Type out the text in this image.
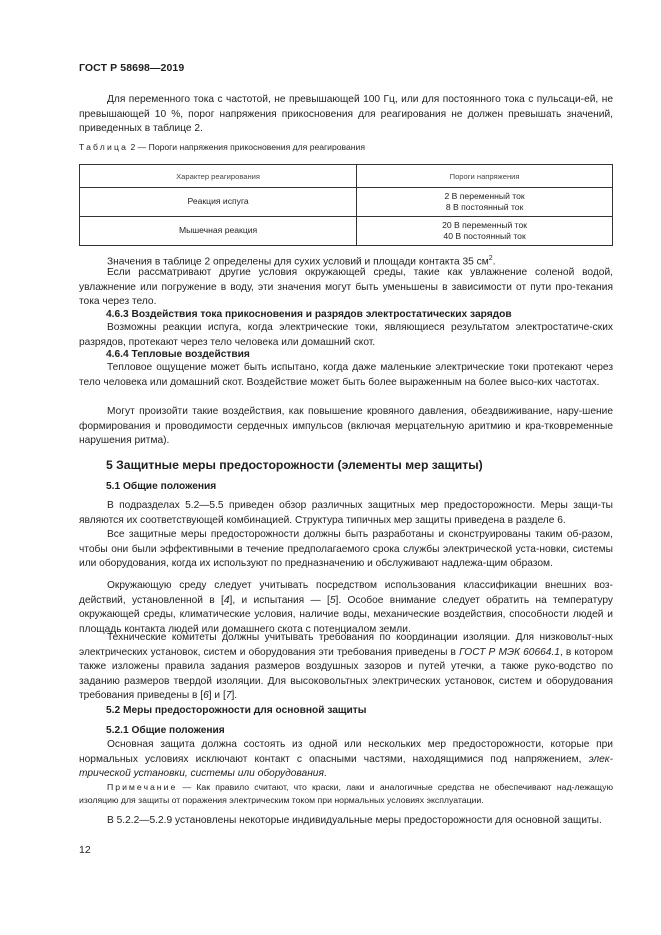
ГОСТ Р 58698—2019

Для переменного тока с частотой, не превышающей 100 Гц, или для постоянного тока с пульсаци-ей, не превышающей 10 %, порог напряжения прикосновения для реагирования не должен превышать значений, приведенных в таблице 2.

Таблица 2 — Пороги напряжения прикосновения для реагирования
Характер реагирования	Пороги напряжения
Реакция испуга	2 В переменный ток
8 В постоянный ток

Мышечная реакция	20 В переменный ток
40 В постоянный ток

Значения в таблице 2 определены для сухих условий и площади контакта 35 $см^2$.

Если рассматривают другие условия окружающей среды, такие как увлажнение соленой водой, увлажнение или погружение в воду, эти значения могут быть уменьшены в зависимости от пути про-текания тока через тело.

4.6.3 Воздействия тока прикосновения и разрядов электростатических зарядов

Возможны реакции испуга, когда электрические токи, являющиеся результатом электростатиче-ских разрядов, протекают через тело человека или домашний скот.

4.6.4 Тепловые воздействия

Тепловое ощущение может быть испытано, когда даже маленькие электрические токи протекают через тело человека или домашний скот. Воздействие может быть более выраженным на более высо-ких частотах.

Могут произойти такие воздействия, как повышение кровяного давления, обездвиживание, нару-шение формирования и проводимости сердечных импульсов (включая мерцательную аритмию и кра-тковременные нарушения ритма).

5 Защитные меры предосторожности (элементы мер защиты)
5.1 Общие положения

В подразделах 5.2—5.5 приведен обзор различных защитных мер предосторожности. Меры защи-ты являются их соответствующей комбинацией. Структура типичных мер защиты приведена в разделе 6.

Все защитные меры предосторожности должны быть разработаны и сконструированы таким об-разом, чтобы они были эффективными в течение предполагаемого срока службы электрической уста-новки, системы или оборудования, когда их используют по предназначению и обслуживают надлежа-щим образом.

Окружающую среду следует учитывать посредством использования классификации внешних воз-действий, установленной в [4], и испытания — [5]. Особое внимание следует обратить на температуру окружающей среды, климатические условия, наличие воды, механические воздействия, способности людей и площадь контакта людей или домашнего скота с потенциалом земли.

Технические комитеты должны учитывать требования по координации изоляции. Для низковольт-ных электрических установок, систем и оборудования эти требования приведены в ГОСТ Р МЭК 60664.1, в котором также изложены правила задания размеров воздушных зазоров и путей утечки, а также руко-водство по заданию размеров твердой изоляции. Для высоковольтных электрических установок, систем и оборудования требования приведены в [6] и [7].

5.2 Меры предосторожности для основной защиты
5.2.1 Общие положения

Основная защита должна состоять из одной или нескольких мер предосторожности, которые при нормальных условиях исключают контакт с опасными частями, находящимися под напряжением, элек-трической установки, системы или оборудования.

Примечание — Как правило считают, что краски, лаки и аналогичные средства не обеспечивают над-лежащую изоляцию для защиты от поражения электрическим током при нормальных условиях эксплуатации.

В 5.2.2—5.2.9 установлены некоторые индивидуальные меры предосторожности для основной защиты.

12
